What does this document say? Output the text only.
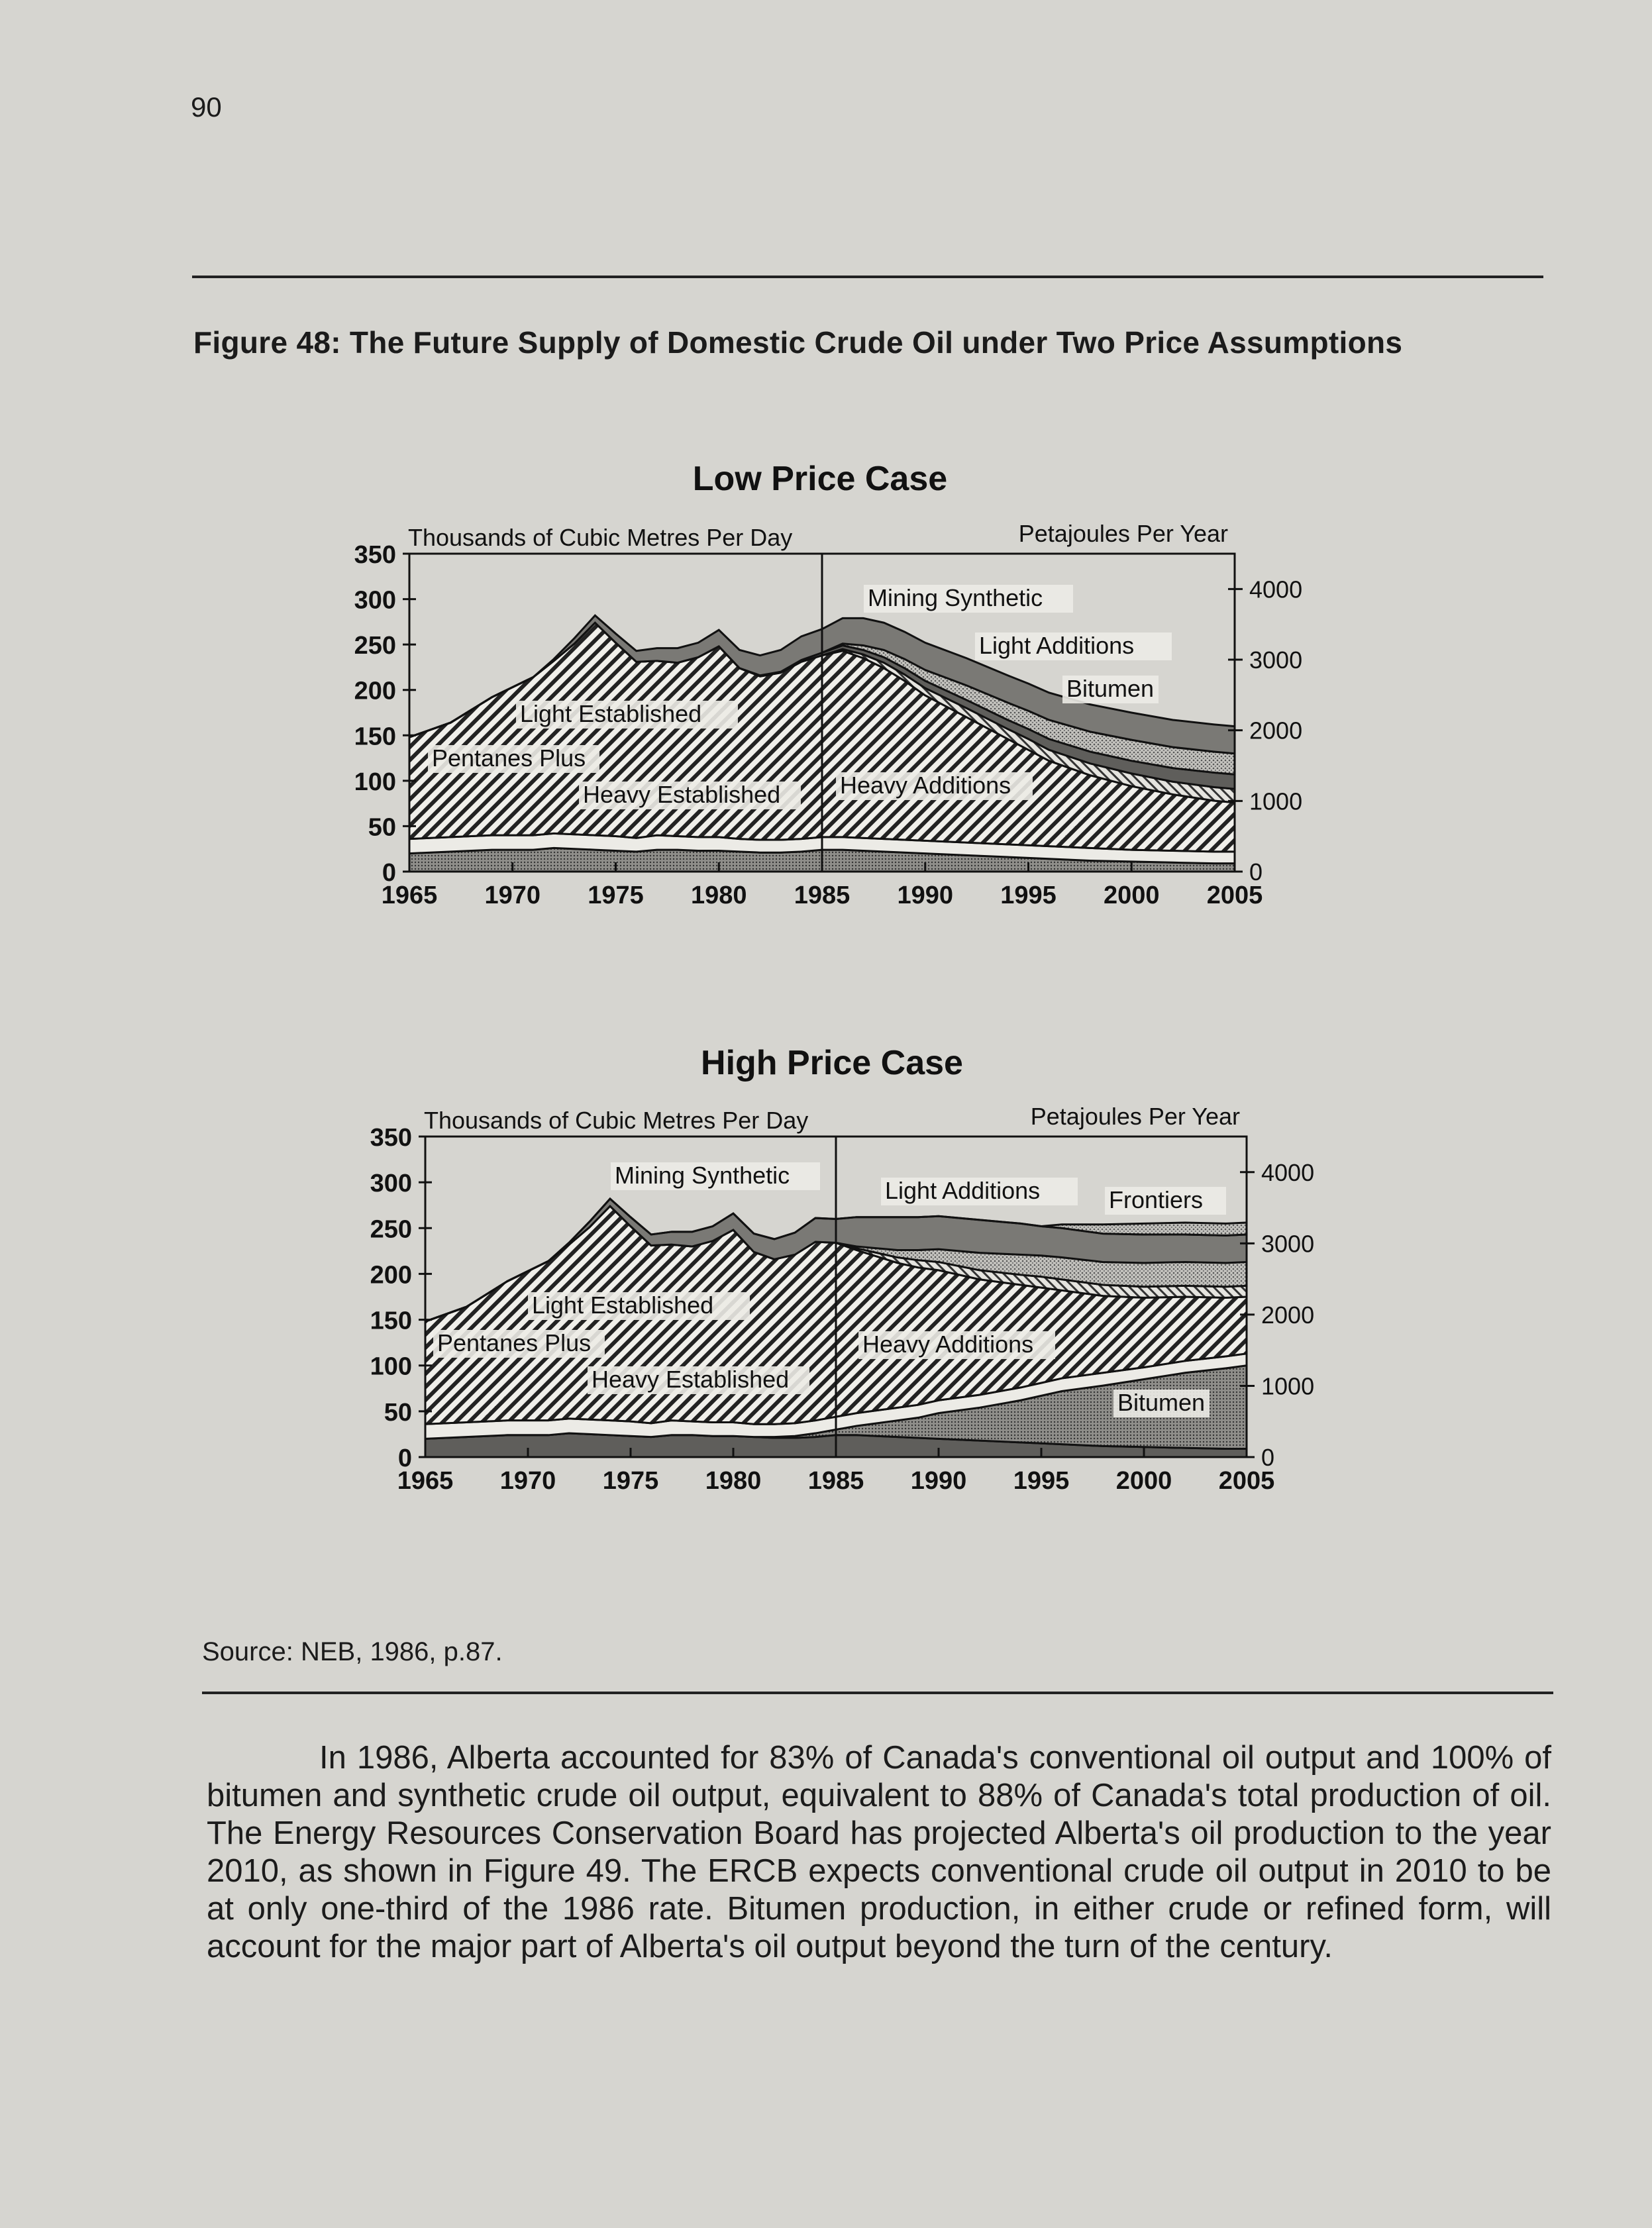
90
Figure 48: The Future Supply of Domestic Crude Oil under Two Price Assumptions
Low Price Case
Thousands of Cubic Metres Per Day	Petajoules Per Year
0
50
100
150
200
250
300
350
0
1000
2000
3000
4000
1965 1970 1975 1980 1985 1990 1995 2000 2005
Mining Synthetic
Light Additions
Bitumen
Light Established
Pentanes Plus
Heavy Established Heavy Additions
High Price Case
Thousands of Cubic Metres Per Day	Petajoules Per Year
0
50
100
150
200
250
300
350
0
1000
2000
3000
4000
1965 1970 1975 1980 1985 1990 1995 2000 2005
Mining Synthetic
Light Additions	Frontiers
Light Established
Pentanes Plus
Heavy Established
Heavy Additions
Bitumen
Source: NEB, 1986, p.87.

In 1986, Alberta accounted for 83% of Canada's conventional oil output and 100% of bitumen and synthetic crude oil output, equivalent to 88% of Canada's total production of oil. The Energy Resources Conservation Board has projected Alberta's oil production to the year 2010, as shown in Figure 49. The ERCB expects conventional crude oil output in 2010 to be at only one-third of the 1986 rate. Bitumen production, in either crude or refined form, will account for the major part of Alberta's oil output beyond the turn of the century.
